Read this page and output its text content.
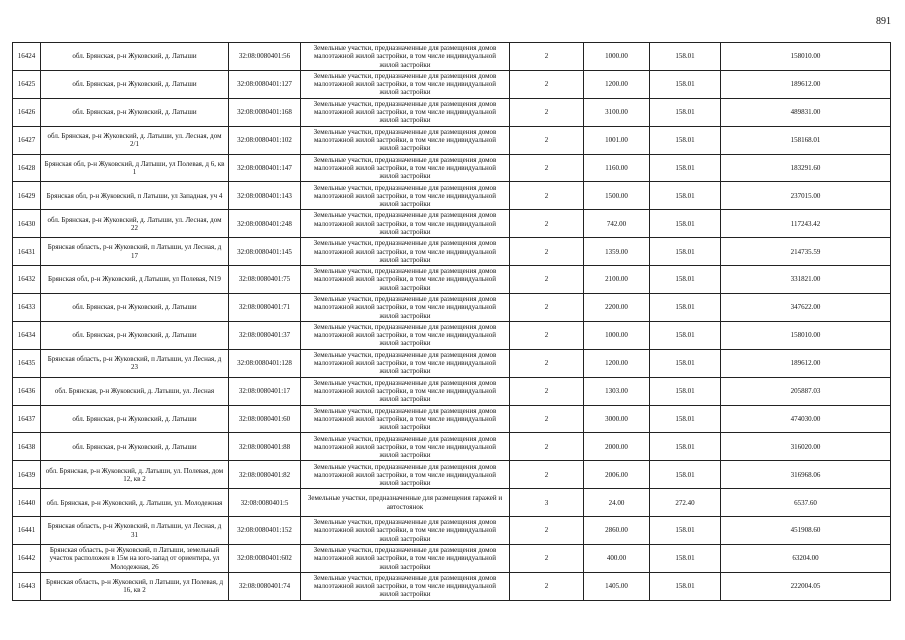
891
16424	обл. Брянская, р-н Жуковский, д. Латыши	32:08:0080401:56	Земельные участки, предназначенные для размещения домов малоэтажной жилой застройки, в том числе индивидуальной жилой застройки	2	1000.00	158.01	158010.00
16425	обл. Брянская, р-н Жуковский, д. Латыши	32:08:0080401:127	Земельные участки, предназначенные для размещения домов малоэтажной жилой застройки, в том числе индивидуальной жилой застройки	2	1200.00	158.01	189612.00
16426	обл. Брянская, р-н Жуковский, д. Латыши	32:08:0080401:168	Земельные участки, предназначенные для размещения домов малоэтажной жилой застройки, в том числе индивидуальной жилой застройки	2	3100.00	158.01	489831.00
16427	обл. Брянская, р-н Жуковский, д. Латыши, ул. Лесная, дом 2/1	32:08:0080401:102	Земельные участки, предназначенные для размещения домов малоэтажной жилой застройки, в том числе индивидуальной жилой застройки	2	1001.00	158.01	158168.01
16428	Брянская обл, р-н Жуковский, д Латыши, ул Полевая, д 6, кв 1	32:08:0080401:147	Земельные участки, предназначенные для размещения домов малоэтажной жилой застройки, в том числе индивидуальной жилой застройки	2	1160.00	158.01	183291.60
16429	Брянская обл, р-н Жуковский, п Латыши, ул Западная, уч 4	32:08:0080401:143	Земельные участки, предназначенные для размещения домов малоэтажной жилой застройки, в том числе индивидуальной жилой застройки	2	1500.00	158.01	237015.00
16430	обл. Брянская, р-н Жуковский, д. Латыши, ул. Лесная, дом 22	32:08:0080401:248	Земельные участки, предназначенные для размещения домов малоэтажной жилой застройки, в том числе индивидуальной жилой застройки	2	742.00	158.01	117243.42
16431	Брянская область, р-н Жуковский, п Латыши, ул Лесная, д 17	32:08:0080401:145	Земельные участки, предназначенные для размещения домов малоэтажной жилой застройки, в том числе индивидуальной жилой застройки	2	1359.00	158.01	214735.59
16432	Брянская обл, р-н Жуковский, д Латыши, ул Полевая, N19	32:08:0080401:75	Земельные участки, предназначенные для размещения домов малоэтажной жилой застройки, в том числе индивидуальной жилой застройки	2	2100.00	158.01	331821.00
16433	обл. Брянская, р-н Жуковский, д. Латыши	32:08:0080401:71	Земельные участки, предназначенные для размещения домов малоэтажной жилой застройки, в том числе индивидуальной жилой застройки	2	2200.00	158.01	347622.00
16434	обл. Брянская, р-н Жуковский, д. Латыши	32:08:0080401:37	Земельные участки, предназначенные для размещения домов малоэтажной жилой застройки, в том числе индивидуальной жилой застройки	2	1000.00	158.01	158010.00
16435	Брянская область, р-н Жуковский, п Латыши, ул Лесная, д 23	32:08:0080401:128	Земельные участки, предназначенные для размещения домов малоэтажной жилой застройки, в том числе индивидуальной жилой застройки	2	1200.00	158.01	189612.00
16436	обл. Брянская, р-н Жуковский, д. Латыши, ул. Лесная	32:08:0080401:17	Земельные участки, предназначенные для размещения домов малоэтажной жилой застройки, в том числе индивидуальной жилой застройки	2	1303.00	158.01	205887.03
16437	обл. Брянская, р-н Жуковский, д. Латыши	32:08:0080401:60	Земельные участки, предназначенные для размещения домов малоэтажной жилой застройки, в том числе индивидуальной жилой застройки	2	3000.00	158.01	474030.00
16438	обл. Брянская, р-н Жуковский, д. Латыши	32:08:0080401:88	Земельные участки, предназначенные для размещения домов малоэтажной жилой застройки, в том числе индивидуальной жилой застройки	2	2000.00	158.01	316020.00
16439	обл. Брянская, р-н Жуковский, д. Латыши, ул. Полевая, дом 12, кв 2	32:08:0080401:82	Земельные участки, предназначенные для размещения домов малоэтажной жилой застройки, в том числе индивидуальной жилой застройки	2	2006.00	158.01	316968.06
16440	обл. Брянская, р-н Жуковский, д. Латыши, ул. Молодежная	32:08:0080401:5	Земельные участки, предназначенные для размещения гаражей и автостоянок	3	24.00	272.40	6537.60
16441	Брянская область, р-н Жуковский, п Латыши, ул Лесная, д 31	32:08:0080401:152	Земельные участки, предназначенные для размещения домов малоэтажной жилой застройки, в том числе индивидуальной жилой застройки	2	2860.00	158.01	451908.60
16442	Брянская область, р-н Жуковский, п Латыши, земельный участок расположен в 15м на юго-запад от ориентира, ул Молодежная, 26	32:08:0080401:602	Земельные участки, предназначенные для размещения домов малоэтажной жилой застройки, в том числе индивидуальной жилой застройки	2	400.00	158.01	63204.00
16443	Брянская область, р-н Жуковский, п Латыши, ул Полевая, д 16, кв 2	32:08:0080401:74	Земельные участки, предназначенные для размещения домов малоэтажной жилой застройки, в том числе индивидуальной жилой застройки	2	1405.00	158.01	222004.05
